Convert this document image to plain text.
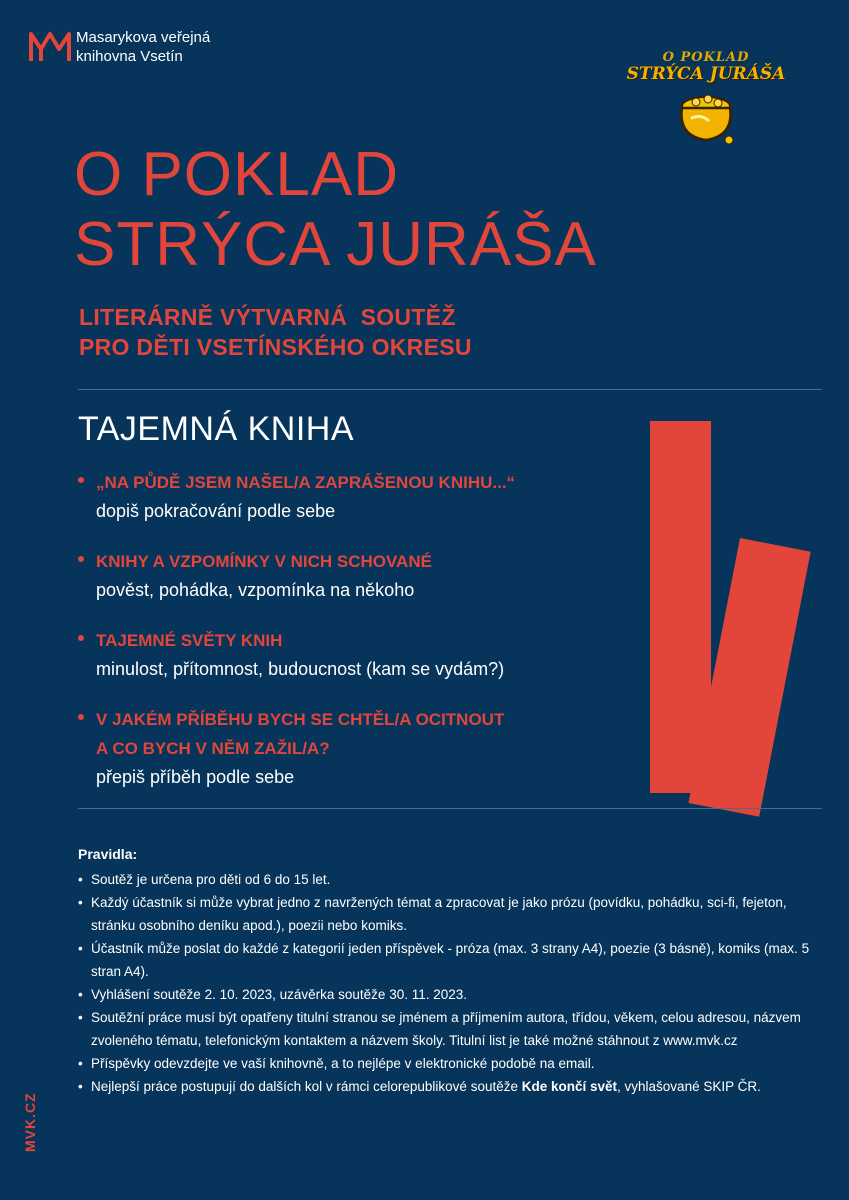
Masarykova veřejná
knihovna Vsetín	O POKLAD
STRÝCA JURÁŠA
O POKLAD
STRÝCA JURÁŠA
LITERÁRNĚ VÝTVARNÁ  SOUTĚŽ
PRO DĚTI VSETÍNSKÉHO OKRESU
TAJEMNÁ KNIHA
„NA PŮDĚ JSEM NAŠEL/A ZAPRÁŠENOU KNIHU...“
dopiš pokračování podle sebe
KNIHY A VZPOMÍNKY V NICH SCHOVANÉ
pověst, pohádka, vzpomínka na někoho
TAJEMNÉ SVĚTY KNIH
minulost, přítomnost, budoucnost (kam se vydám?)
V JAKÉM PŘÍBĚHU BYCH SE CHTĚL/A OCITNOUT
A CO BYCH V NĚM ZAŽIL/A?
přepiš příběh podle sebe
Pravidla:
• Soutěž je určena pro děti od 6 do 15 let.
• Každý účastník si může vybrat jedno z navržených témat a zpracovat je jako prózu (povídku, pohádku, sci-fi, fejeton, stránku osobního deníku apod.), poezii nebo komiks.
• Účastník může poslat do každé z kategorií jeden příspěvek - próza (max. 3 strany A4), poezie (3 básně), komiks (max. 5 stran A4).
• Vyhlášení soutěže 2. 10. 2023, uzávěrka soutěže 30. 11. 2023.
• Soutěžní práce musí být opatřeny titulní stranou se jménem a příjmením autora, třídou, věkem, celou adresou, názvem zvoleného tématu, telefonickým kontaktem a názvem školy. Titulní list je také možné stáhnout z www.mvk.cz
• Příspěvky odevzdejte ve vaší knihovně, a to nejlépe v elektronické podobě na email.
• Nejlepší práce postupují do dalších kol v rámci celorepublikové soutěže Kde končí svět, vyhlašované SKIP ČR.
MVK.CZ
